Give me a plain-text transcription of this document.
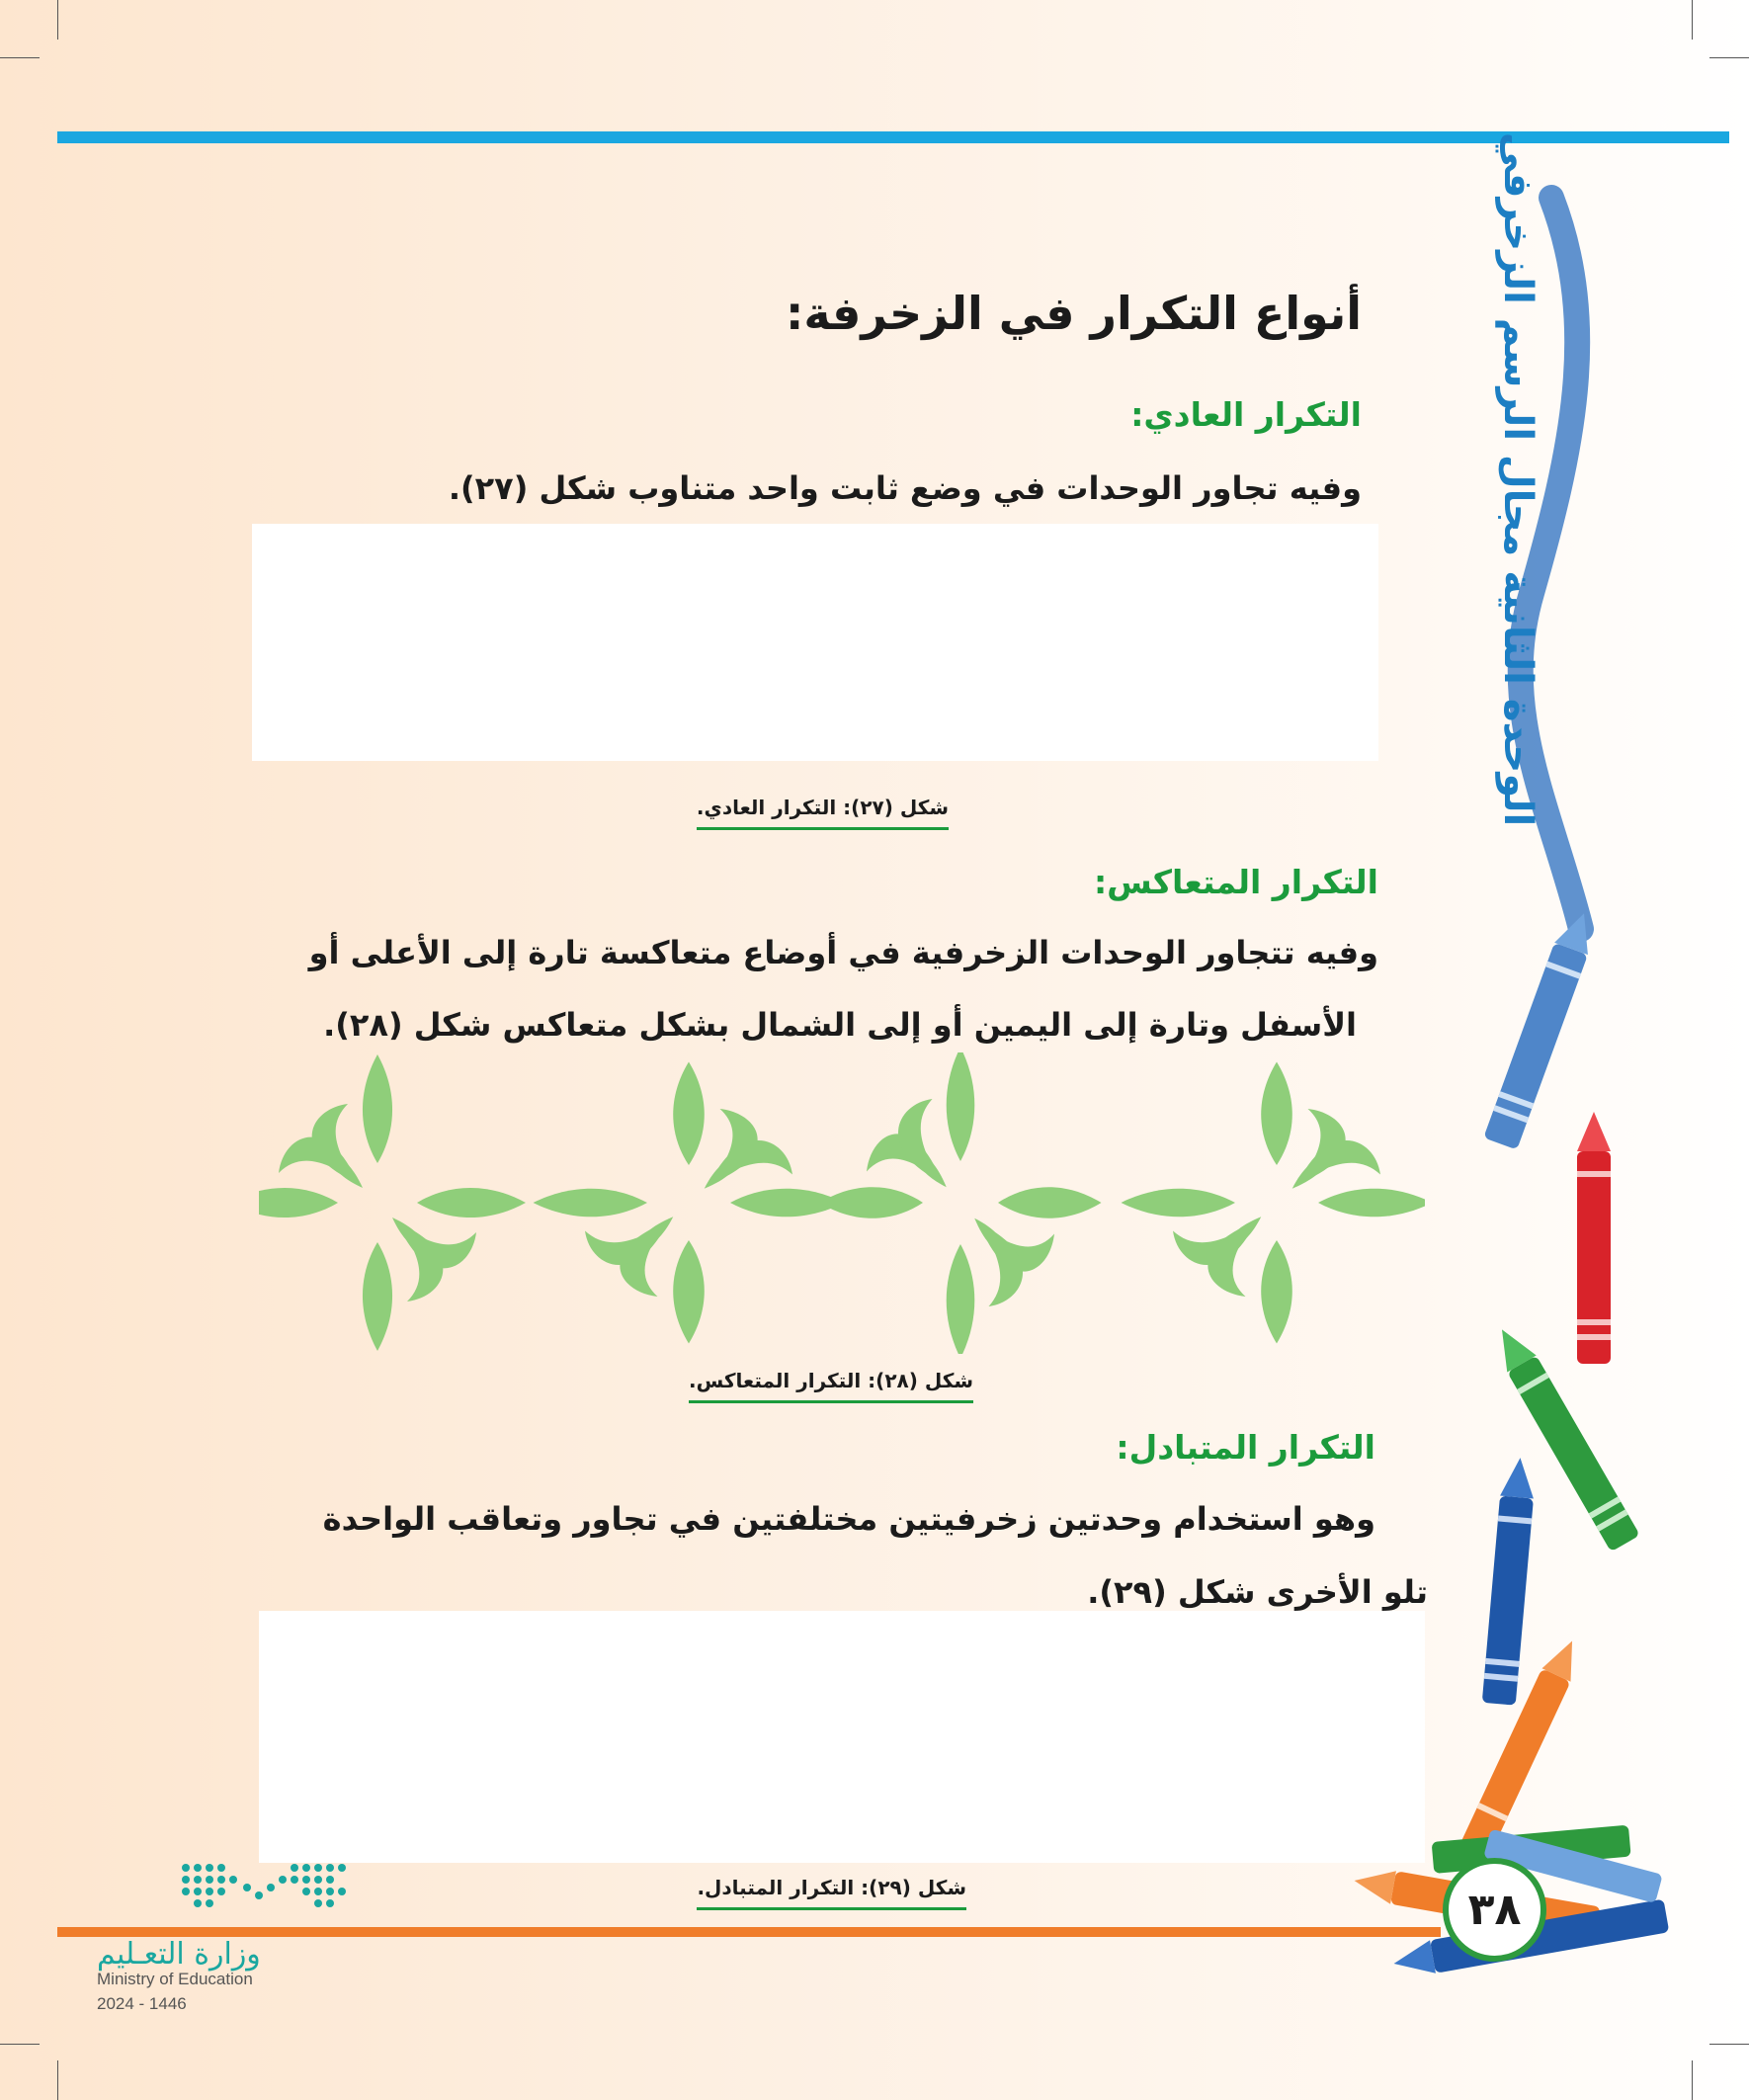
الوحدة الثانية مجال الرسم الزخرفي
أنواع التكرار في الزخرفة:
التكرار العادي:

وفيه تجاور الوحدات في وضع ثابت واحد متناوب شكل (٢٧).

شكل (٢٧): التكرار العادي.

التكرار المتعاكس:

وفيه تتجاور الوحدات الزخرفية في أوضاع متعاكسة تارة إلى الأعلى أو

الأسفل وتارة إلى اليمين أو إلى الشمال بشكل متعاكس شكل (٢٨).

شكل (٢٨): التكرار المتعاكس.

التكرار المتبادل:

وهو استخدام وحدتين زخرفيتين مختلفتين في تجاور وتعاقب الواحدة

تلو الأخرى شكل (٢٩).

شكل (٢٩): التكرار المتبادل.	٣٨

وزارة التعـليم

Ministry of Education

2024 - 1446
